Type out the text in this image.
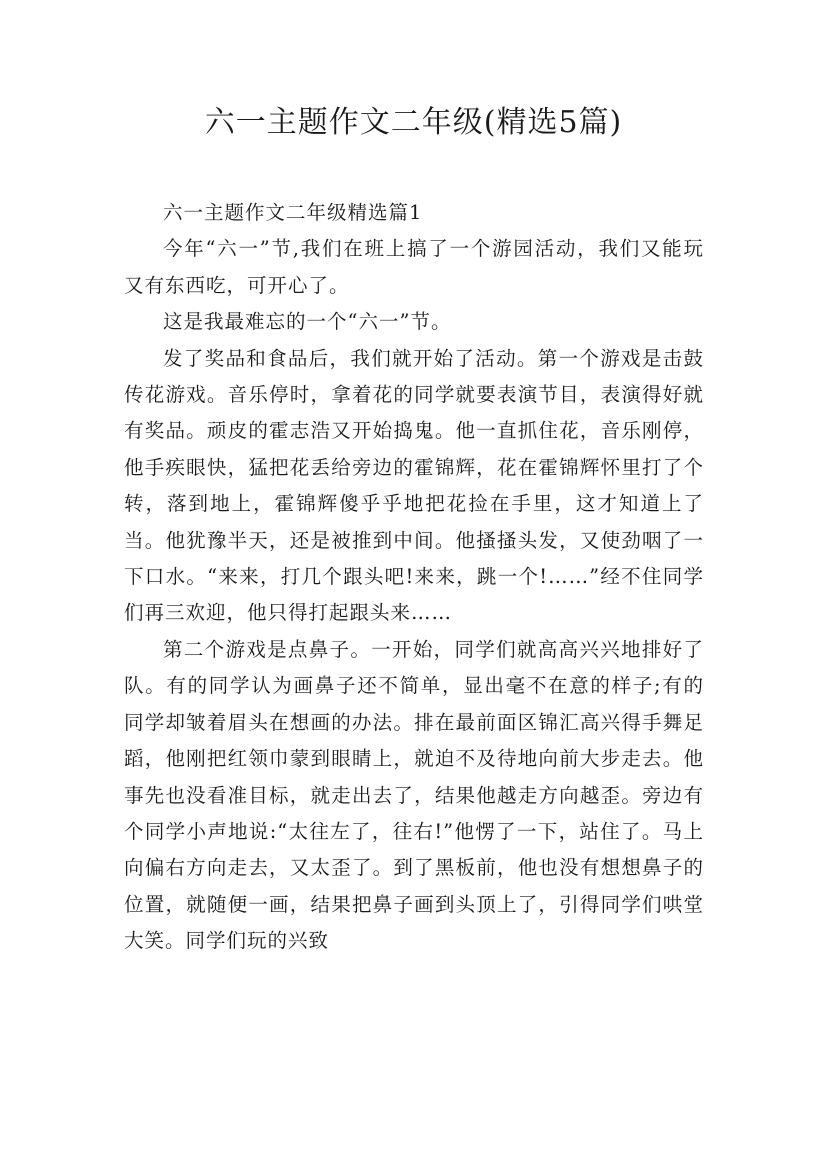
六一主题作文二年级(精选5篇)

六一主题作文二年级精选篇1

今年“六一”节,我们在班上搞了一个游园活动，我们又能玩又有东西吃，可开心了。

这是我最难忘的一个“六一”节。

发了奖品和食品后，我们就开始了活动。第一个游戏是击鼓传花游戏。音乐停时，拿着花的同学就要表演节目，表演得好就有奖品。顽皮的霍志浩又开始捣鬼。他一直抓住花，音乐刚停，他手疾眼快，猛把花丢给旁边的霍锦辉，花在霍锦辉怀里打了个转，落到地上，霍锦辉傻乎乎地把花捡在手里，这才知道上了当。他犹豫半天，还是被推到中间。他搔搔头发，又使劲咽了一下口水。“来来，打几个跟头吧!来来，跳一个!……”经不住同学们再三欢迎，他只得打起跟头来……

第二个游戏是点鼻子。一开始，同学们就高高兴兴地排好了队。有的同学认为画鼻子还不简单，显出毫不在意的样子;有的同学却皱着眉头在想画的办法。排在最前面区锦汇高兴得手舞足蹈，他刚把红领巾蒙到眼睛上，就迫不及待地向前大步走去。他事先也没看准目标，就走出去了，结果他越走方向越歪。旁边有个同学小声地说:“太往左了，往右!”他愣了一下，站住了。马上向偏右方向走去，又太歪了。到了黑板前，他也没有想想鼻子的位置，就随便一画，结果把鼻子画到头顶上了，引得同学们哄堂大笑。同学们玩的兴致
